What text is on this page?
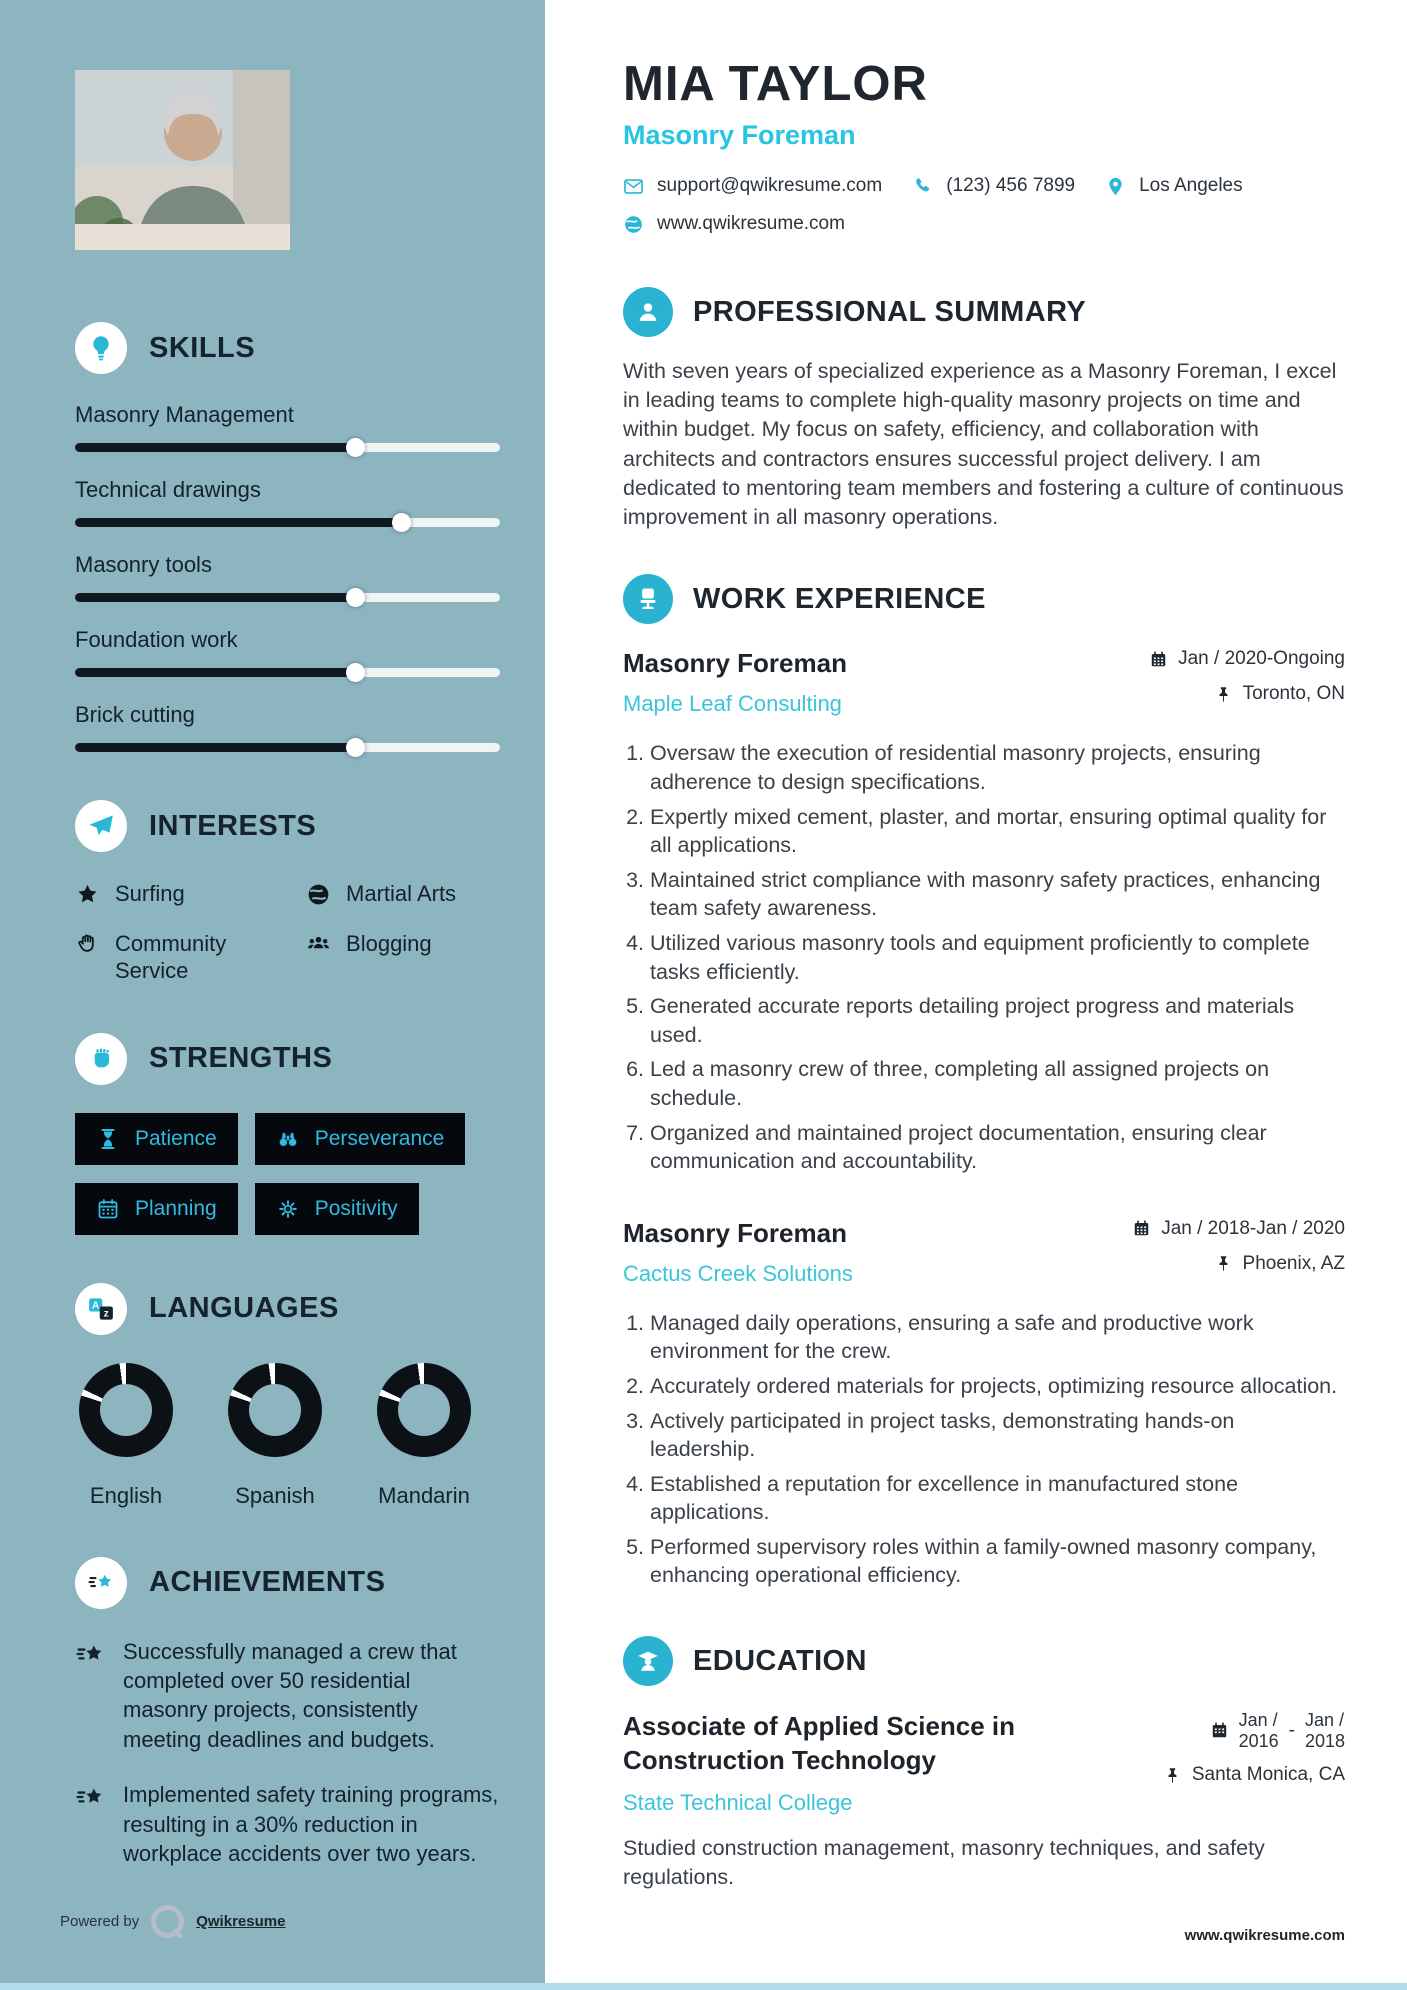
SKILLS
Masonry Management
Technical drawings
Masonry tools
Foundation work
Brick cutting
INTERESTS
Surfing	Martial Arts
Community Service
Blogging
STRENGTHS
Patience	Perseverance
Planning	Positivity
A
z LANGUAGES
English	Spanish	Mandarin
ACHIEVEMENTS

Successfully managed a crew that completed over 50 residential masonry projects, consistently meeting deadlines and budgets.

Implemented safety training programs, resulting in a 30% reduction in workplace accidents over two years.

Powered by	Qwikresume
MIA TAYLOR
Masonry Foreman
support@qwikresume.com	(123) 456 7899	Los Angeles
www.qwikresume.com
PROFESSIONAL SUMMARY

With seven years of specialized experience as a Masonry Foreman, I excel in leading teams to complete high-quality masonry projects on time and within budget. My focus on safety, efficiency, and collaboration with architects and contractors ensures successful project delivery. I am dedicated to mentoring team members and fostering a culture of continuous improvement in all masonry operations.

WORK EXPERIENCE
Masonry Foreman
Maple Leaf Consulting
Jan / 2020-Ongoing
Toronto, ON
1. Oversaw the execution of residential masonry projects, ensuring adherence to design specifications.
2. Expertly mixed cement, plaster, and mortar, ensuring optimal quality for all applications.
3. Maintained strict compliance with masonry safety practices, enhancing team safety awareness.
4. Utilized various masonry tools and equipment proficiently to complete tasks efficiently.
5. Generated accurate reports detailing project progress and materials used.
6. Led a masonry crew of three, completing all assigned projects on schedule.
7. Organized and maintained project documentation, ensuring clear communication and accountability.
Masonry Foreman
Cactus Creek Solutions
Jan / 2018-Jan / 2020
Phoenix, AZ
1. Managed daily operations, ensuring a safe and productive work environment for the crew.
2. Accurately ordered materials for projects, optimizing resource allocation.
3. Actively participated in project tasks, demonstrating hands-on leadership.
4. Established a reputation for excellence in manufactured stone applications.
5. Performed supervisory roles within a family-owned masonry company, enhancing operational efficiency.
EDUCATION
Associate of Applied Science in Construction Technology
State Technical College
Jan /
2016 - Jan /
2018
Santa Monica, CA

Studied construction management, masonry techniques, and safety regulations.

www.qwikresume.com
